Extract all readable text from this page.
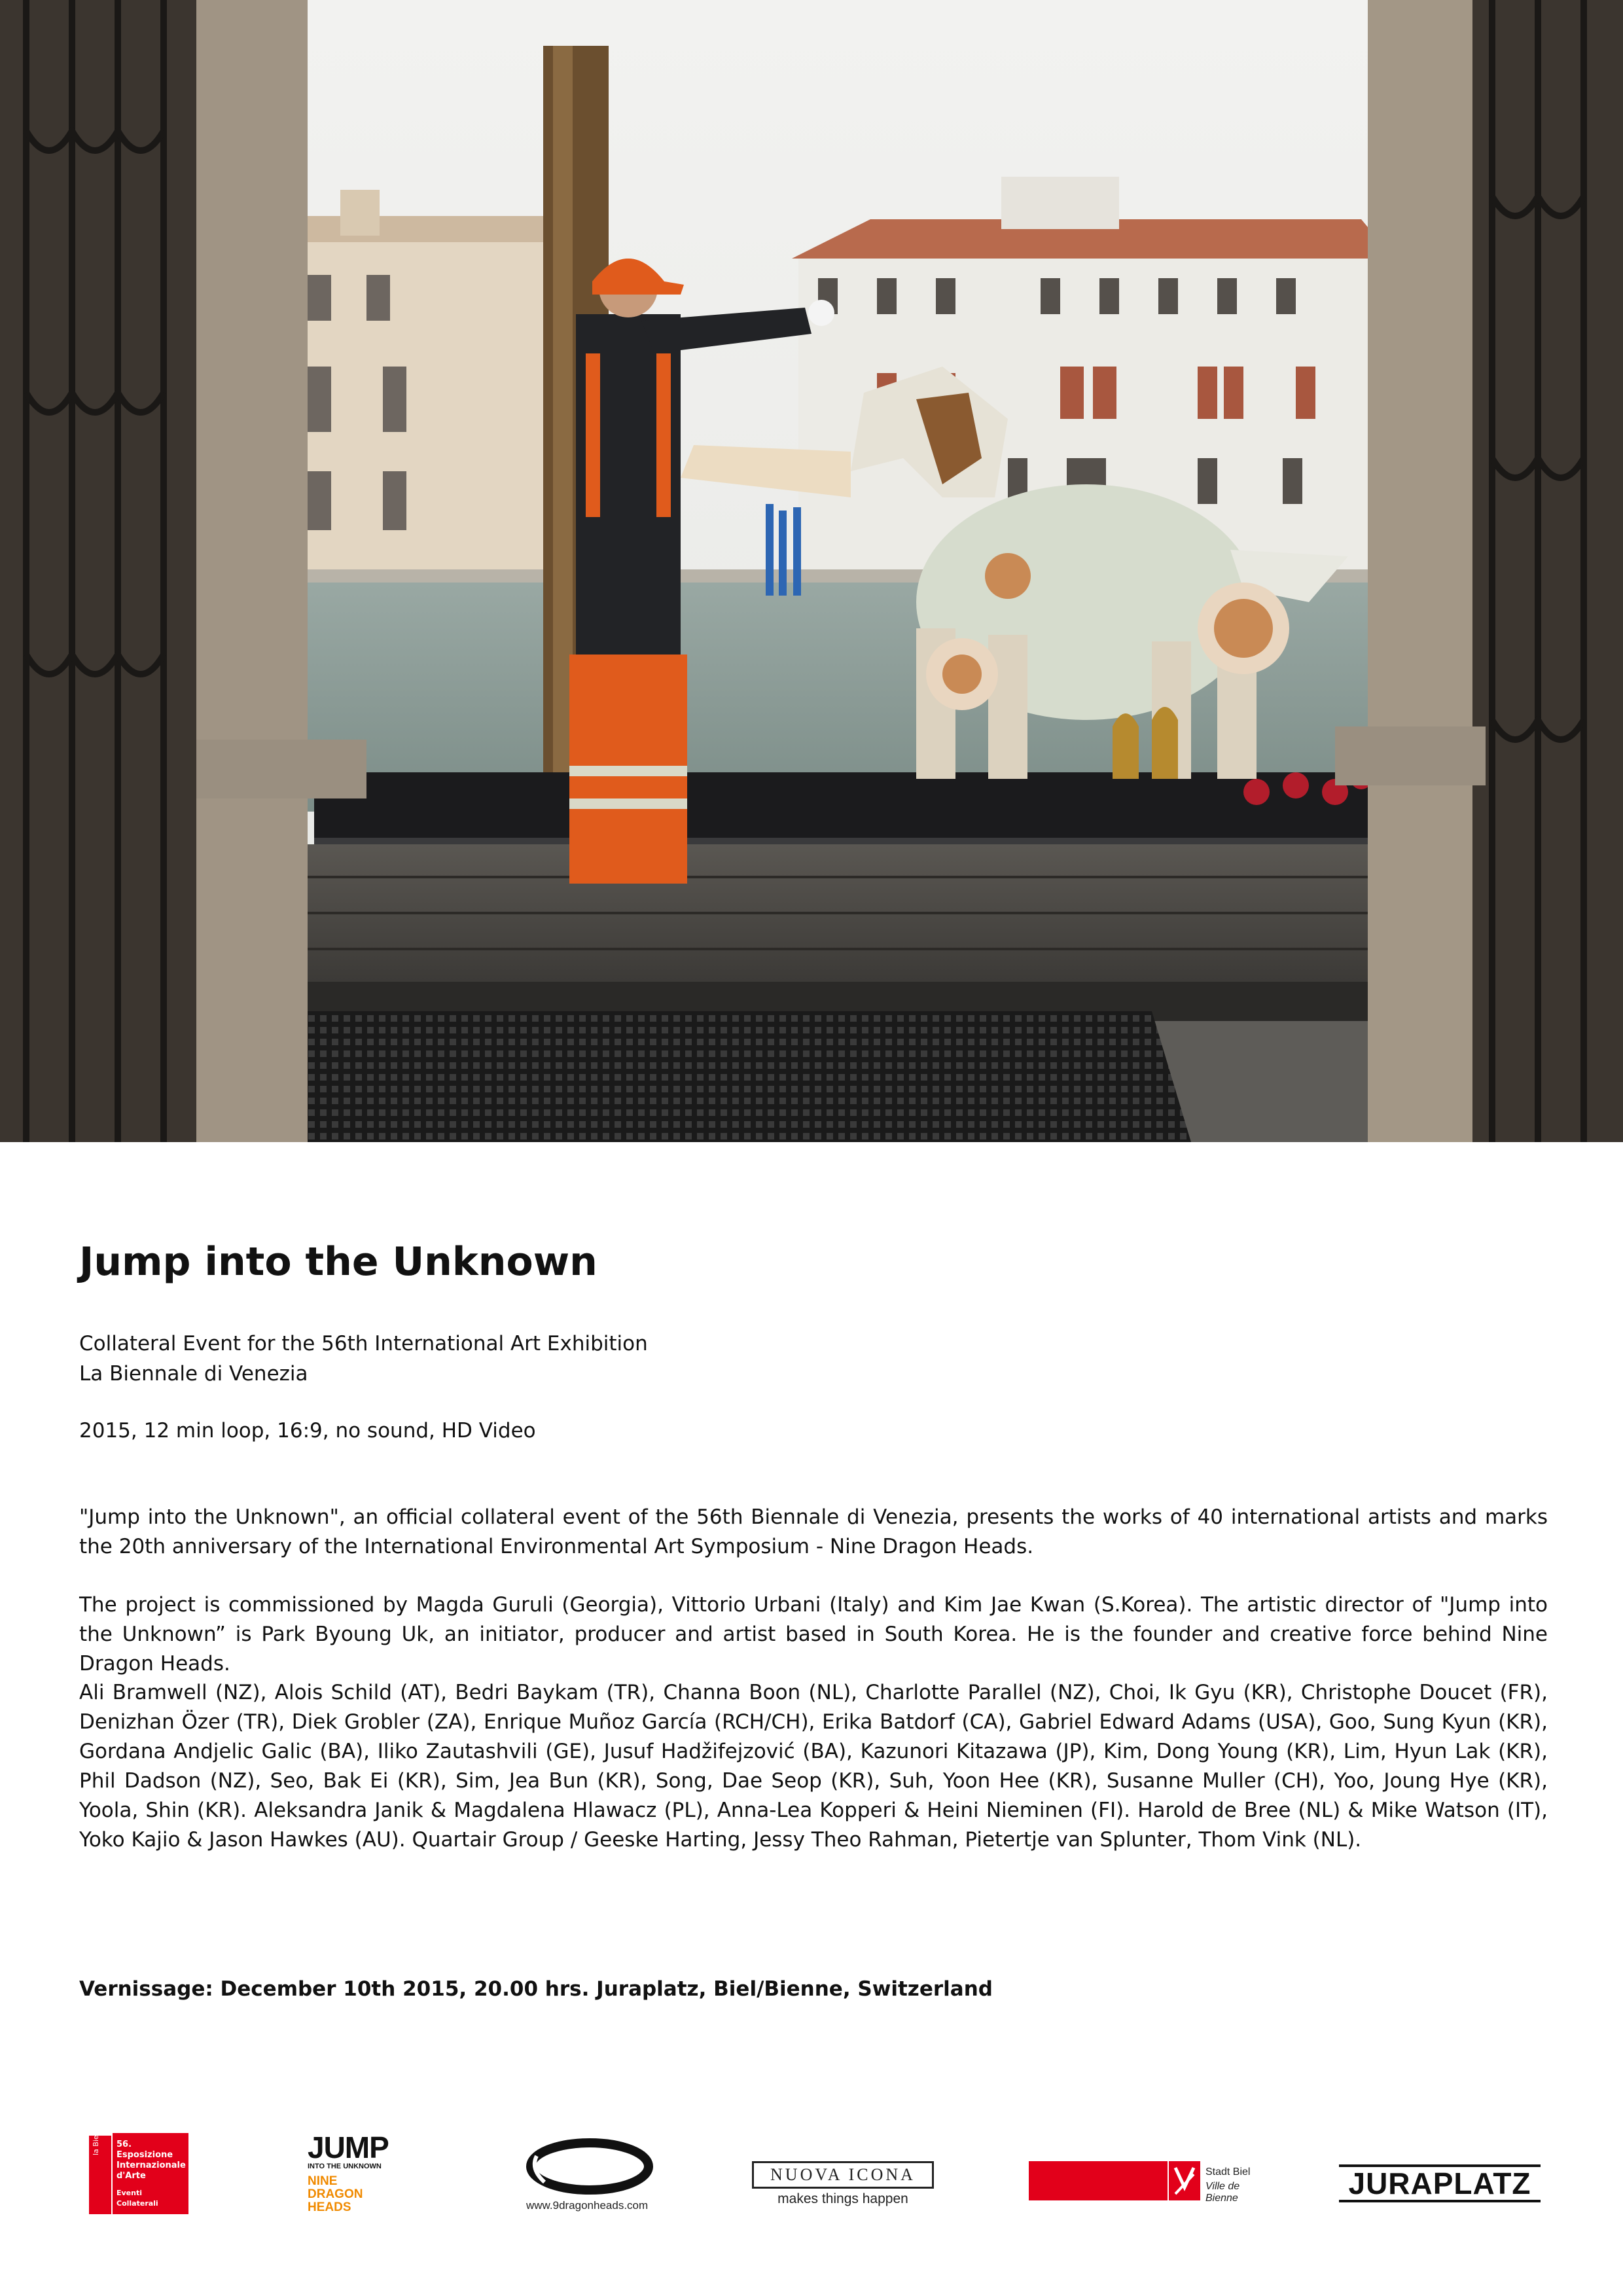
Jump into the Unknown
Collateral Event for the 56th International Art Exhibition
La Biennale di Venezia
2015, 12 min loop, 16:9, no sound, HD Video

"Jump into the Unknown", an official collateral event of the 56th Biennale di Venezia, presents the works of 40 international artists and marks the 20th anniversary of the International Environmental Art Symposium - Nine Dragon Heads.

The project is commissioned by Magda Guruli (Georgia), Vittorio Urbani (Italy) and Kim Jae Kwan (S.Korea). The artistic director of "Jump into the Unknown” is Park Byoung Uk, an initiator, producer and artist based in South Korea. He is the founder and creative force behind Nine Dragon Heads.

Ali Bramwell (NZ), Alois Schild (AT), Bedri Baykam (TR), Channa Boon (NL), Charlotte Parallel (NZ), Choi, Ik Gyu (KR), Christophe Doucet (FR), Denizhan Özer (TR), Diek Grobler (ZA), Enrique Muñoz García (RCH/CH), Erika Batdorf (CA), Gabriel Edward Adams (USA), Goo, Sung Kyun (KR), Gordana Andjelic Galic (BA), Iliko Zautashvili (GE), Jusuf Hadžifejzović (BA), Kazunori Kitazawa (JP), Kim, Dong Young (KR), Lim, Hyun Lak (KR), Phil Dadson (NZ), Seo, Bak Ei (KR), Sim, Jea Bun (KR), Song, Dae Seop (KR), Suh, Yoon Hee (KR), Susanne Muller (CH), Yoo, Joung Hye (KR), Yoola, Shin (KR). Aleksandra Janik & Magdalena Hlawacz (PL), Anna-Lea Kopperi & Heini Nieminen (FI). Harold de Bree (NL) & Mike Watson (IT), Yoko Kajio & Jason Hawkes (AU). Quartair Group / Geeske Harting, Jessy Theo Rahman, Pietertje van Splunter, Thom Vink (NL).

Vernissage: December 10th 2015, 20.00 hrs. Juraplatz, Biel/Bienne, Switzerland
la Biennale di Venezia 56. Esposizione
Internazionale
d'Arte
Eventi Collaterali
JUMP
INTO THE UNKNOWN
NINE
DRAGON
HEADS	www.9dragonheads.com
NUOVA ICONA
makes things happen
Stadt Biel
Ville de Bienne	JURAPLATZ
